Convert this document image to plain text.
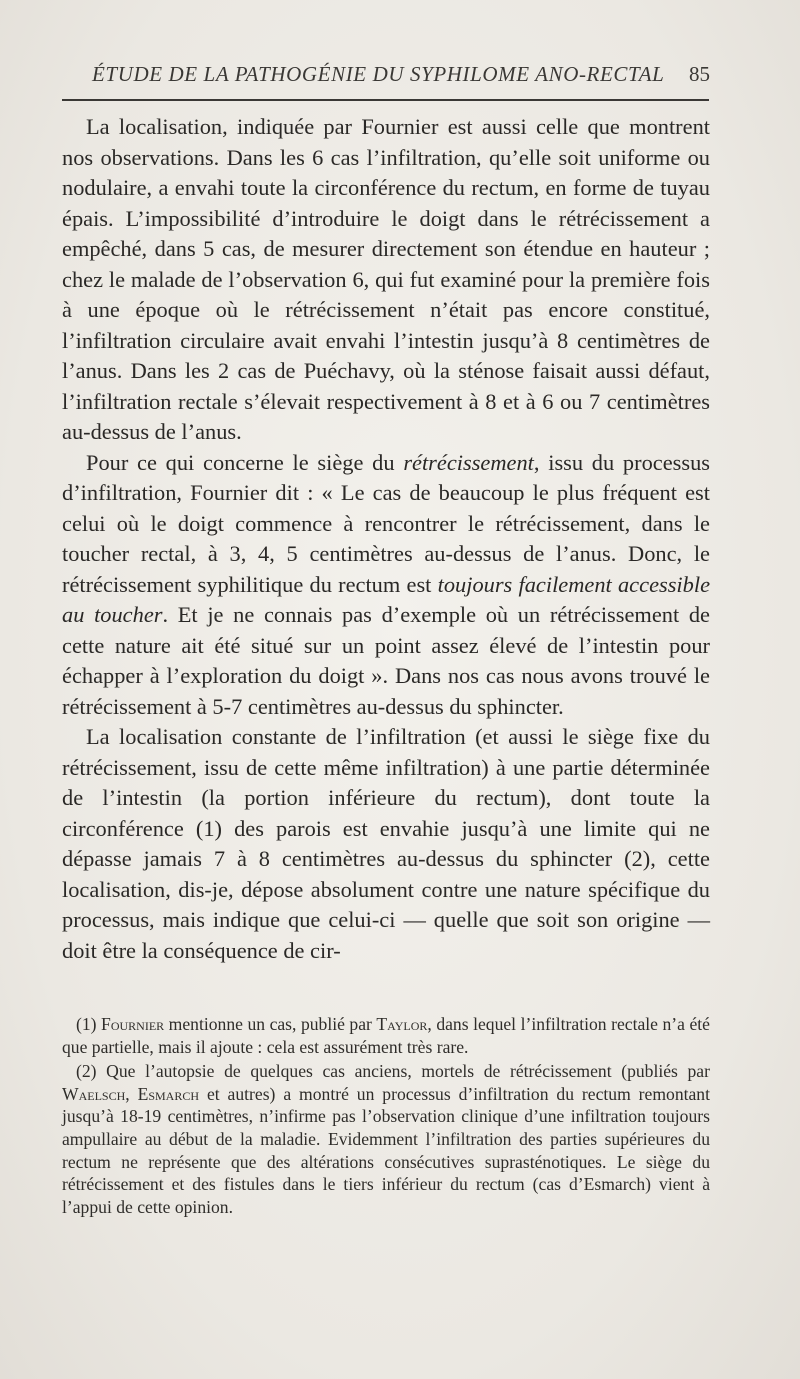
ÉTUDE DE LA PATHOGÉNIE DU SYPHILOME ANO-RECTAL 85

La localisation, indiquée par Fournier est aussi celle que montrent nos observations. Dans les 6 cas l’infiltration, qu’elle soit uniforme ou nodulaire, a envahi toute la circonférence du rectum, en forme de tuyau épais. L’impossibilité d’introduire le doigt dans le rétrécissement a empêché, dans 5 cas, de mesurer directement son étendue en hauteur ; chez le malade de l’observation 6, qui fut examiné pour la première fois à une époque où le rétrécissement n’était pas encore constitué, l’infiltration circulaire avait envahi l’intestin jusqu’à 8 centimètres de l’anus. Dans les 2 cas de Puéchavy, où la sténose faisait aussi défaut, l’infiltration rectale s’élevait respectivement à 8 et à 6 ou 7 centimètres au-dessus de l’anus.

Pour ce qui concerne le siège du rétrécissement, issu du processus d’infiltration, Fournier dit : « Le cas de beaucoup le plus fréquent est celui où le doigt commence à rencontrer le rétrécissement, dans le toucher rectal, à 3, 4, 5 centimètres au-dessus de l’anus. Donc, le rétrécissement syphilitique du rectum est toujours facilement accessible au toucher. Et je ne connais pas d’exemple où un rétrécissement de cette nature ait été situé sur un point assez élevé de l’intestin pour échapper à l’exploration du doigt ». Dans nos cas nous avons trouvé le rétrécissement à 5-7 centimètres au-dessus du sphincter.

La localisation constante de l’infiltration (et aussi le siège fixe du rétrécissement, issu de cette même infiltration) à une partie déterminée de l’intestin (la portion inférieure du rectum), dont toute la circonférence (1) des parois est envahie jusqu’à une limite qui ne dépasse jamais 7 à 8 centimètres au-dessus du sphincter (2), cette localisation, dis-je, dépose absolument contre une nature spécifique du processus, mais indique que celui-ci — quelle que soit son origine — doit être la conséquence de cir-

(1) Fournier mentionne un cas, publié par Taylor, dans lequel l’infiltration rectale n’a été que partielle, mais il ajoute : cela est assurément très rare.

(2) Que l’autopsie de quelques cas anciens, mortels de rétrécissement (publiés par Waelsch, Esmarch et autres) a montré un processus d’infiltration du rectum remontant jusqu’à 18-19 centimètres, n’infirme pas l’observation clinique d’une infiltration toujours ampullaire au début de la maladie. Evidemment l’infiltration des parties supérieures du rectum ne représente que des altérations consécutives suprasténotiques. Le siège du rétrécissement et des fistules dans le tiers inférieur du rectum (cas d’Esmarch) vient à l’appui de cette opinion.
